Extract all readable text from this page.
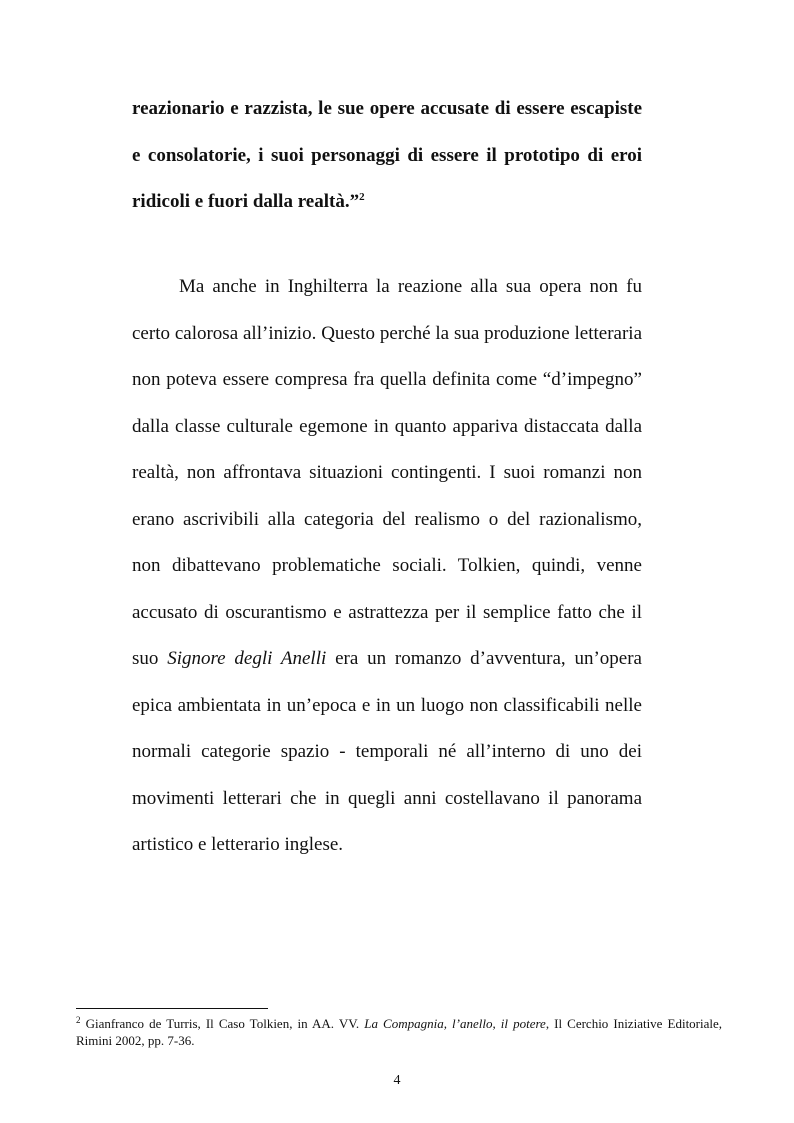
reazionario e razzista, le sue opere accusate di essere escapiste e consolatorie, i suoi personaggi di essere il prototipo di eroi ridicoli e fuori dalla realtà.”$^2$

Ma anche in Inghilterra la reazione alla sua opera non fu certo calorosa all’inizio. Questo perché la sua produzione letteraria non poteva essere compresa fra quella definita come “d’impegno” dalla classe culturale egemone in quanto appariva distaccata dalla realtà, non affrontava situazioni contingenti. I suoi romanzi non erano ascrivibili alla categoria del realismo o del razionalismo, non dibattevano problematiche sociali. Tolkien, quindi, venne accusato di oscurantismo e astrattezza per il semplice fatto che il suo Signore degli Anelli era un romanzo d’avventura, un’opera epica ambientata in un’epoca e in un luogo non classificabili nelle normali categorie spazio - temporali né all’interno di uno dei movimenti letterari che in quegli anni costellavano il panorama artistico e letterario inglese.

$^2$ Gianfranco de Turris, Il Caso Tolkien, in AA. VV. La Compagnia, l’anello, il potere, Il Cerchio Iniziative Editoriale, Rimini 2002, pp. 7-36.

4
